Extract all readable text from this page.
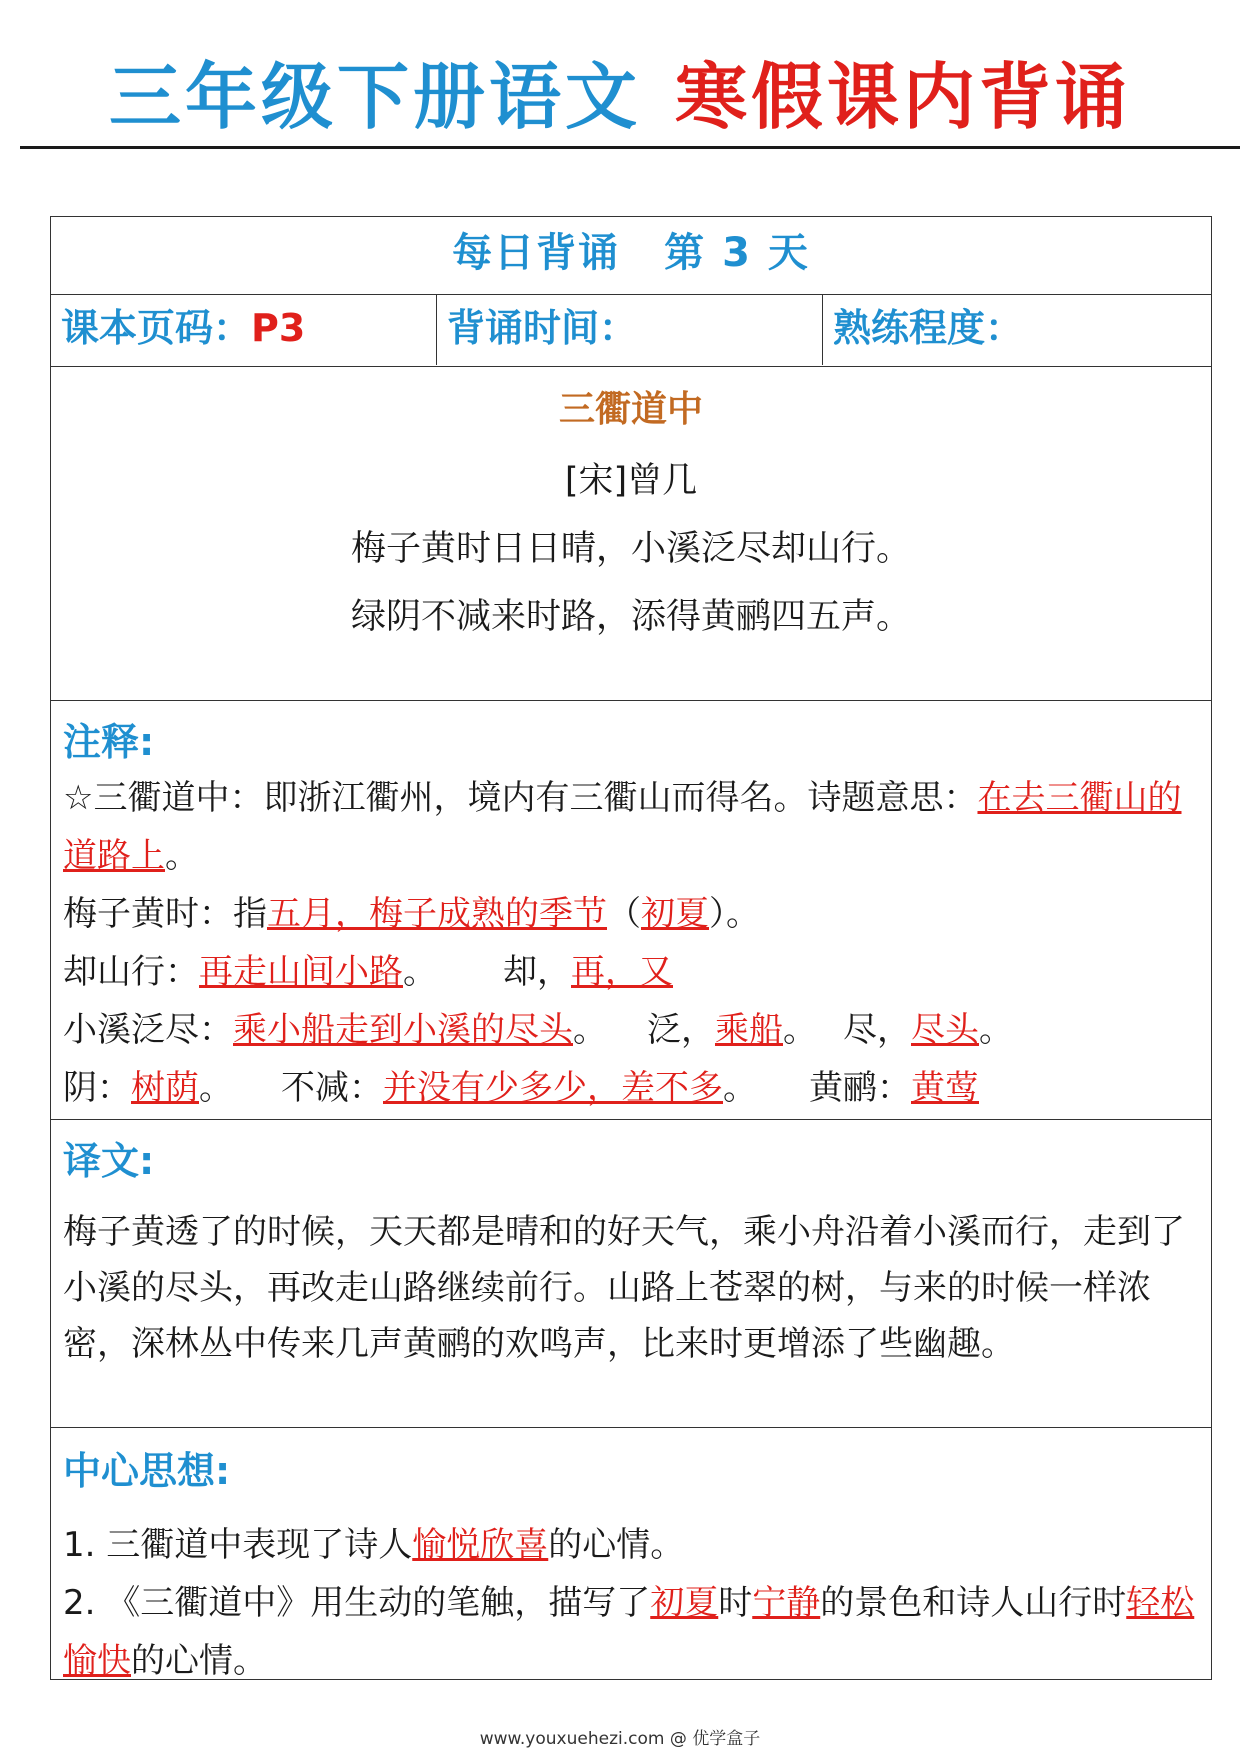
三年级下册语文 寒假课内背诵
每日背诵 第 3 天
课本页码：P3	背诵时间：	熟练程度：
三衢道中
[宋]曾几
梅子黄时日日晴，小溪泛尽却山行。
绿阴不减来时路，添得黄鹂四五声。
注释:
☆三衢道中：即浙江衢州，境内有三衢山而得名。诗题意思：在去三衢山的道路上。
梅子黄时：指五月，梅子成熟的季节（初夏）。
却山行：再走山间小路。 却，再，又
小溪泛尽：乘小船走到小溪的尽头。 泛，乘船。 尽，尽头。
阴：树荫。 不减：并没有少多少，差不多。 黄鹂：黄莺
译文:
梅子黄透了的时候，天天都是晴和的好天气，乘小舟沿着小溪而行，走到了小溪的尽头，再改走山路继续前行。山路上苍翠的树，与来的时候一样浓密，深林丛中传来几声黄鹂的欢鸣声，比来时更增添了些幽趣。
中心思想:
1. 三衢道中表现了诗人愉悦欣喜的心情。
2. 《三衢道中》用生动的笔触，描写了初夏时宁静的景色和诗人山行时轻松愉快的心情。
www.youxuehezi.com @ 优学盒子
